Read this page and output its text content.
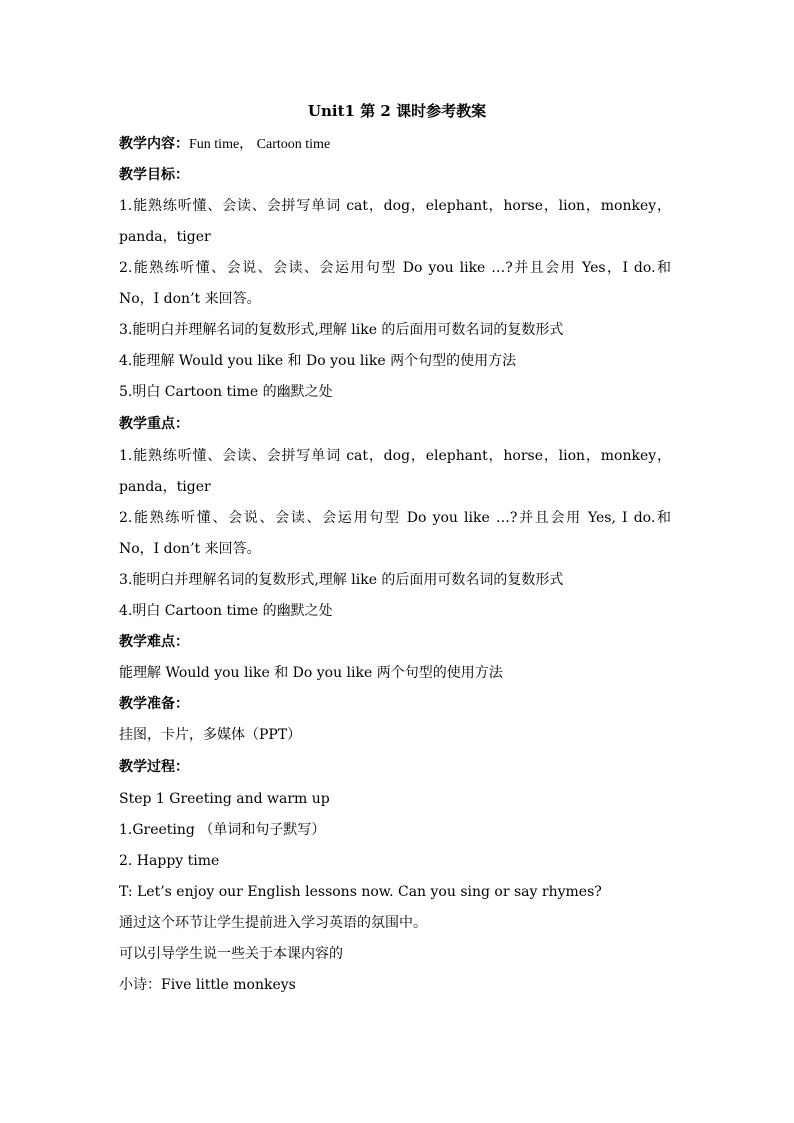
Unit1 第 2 课时参考教案
教学内容：Fun time， Cartoon time
教学目标：
1.能熟练听懂、会读、会拼写单词 cat，dog，elephant，horse，lion，monkey，
panda，tiger
2.能熟练听懂、会说、会读、会运用句型 Do you like …?并且会用 Yes，I do.和
No，I don’t 来回答。
3.能明白并理解名词的复数形式,理解 like 的后面用可数名词的复数形式
4.能理解 Would you like 和 Do you like 两个句型的使用方法
5.明白 Cartoon time 的幽默之处
教学重点：
1.能熟练听懂、会读、会拼写单词 cat，dog，elephant，horse，lion，monkey，
panda，tiger
2.能熟练听懂、会说、会读、会运用句型 Do you like …?并且会用 Yes, I do.和
No，I don’t 来回答。
3.能明白并理解名词的复数形式,理解 like 的后面用可数名词的复数形式
4.明白 Cartoon time 的幽默之处
教学难点：
能理解 Would you like 和 Do you like 两个句型的使用方法
教学准备：
挂图，卡片，多媒体（PPT）
教学过程：
Step 1 Greeting and warm up
1.Greeting （单词和句子默写）
2. Happy time
T: Let’s enjoy our English lessons now. Can you sing or say rhymes?
通过这个环节让学生提前进入学习英语的氛围中。
可以引导学生说一些关于本课内容的
小诗：Five little monkeys
